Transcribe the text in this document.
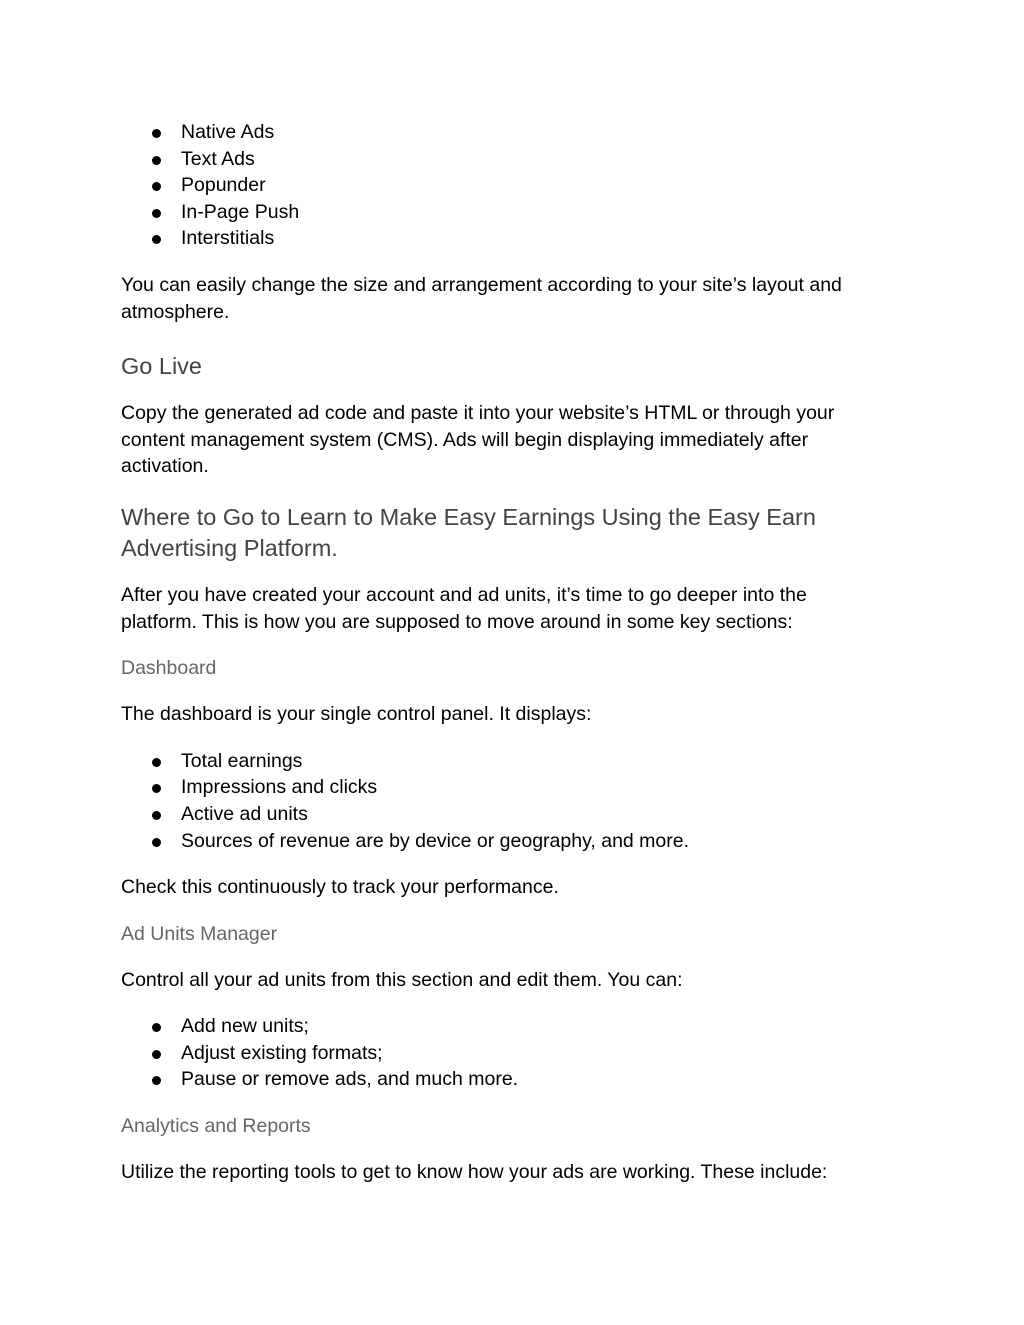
Native Ads
Text Ads
Popunder
In-Page Push
Interstitials

You can easily change the size and arrangement according to your site’s layout and atmosphere.

Go Live

Copy the generated ad code and paste it into your website’s HTML or through your content management system (CMS). Ads will begin displaying immediately after activation.

Where to Go to Learn to Make Easy Earnings Using the Easy Earn Advertising Platform.

After you have created your account and ad units, it’s time to go deeper into the platform. This is how you are supposed to move around in some key sections:

Dashboard

The dashboard is your single control panel. It displays:

Total earnings
Impressions and clicks
Active ad units
Sources of revenue are by device or geography, and more.

Check this continuously to track your performance.

Ad Units Manager

Control all your ad units from this section and edit them. You can:

Add new units;
Adjust existing formats;
Pause or remove ads, and much more.
Analytics and Reports

Utilize the reporting tools to get to know how your ads are working. These include:
